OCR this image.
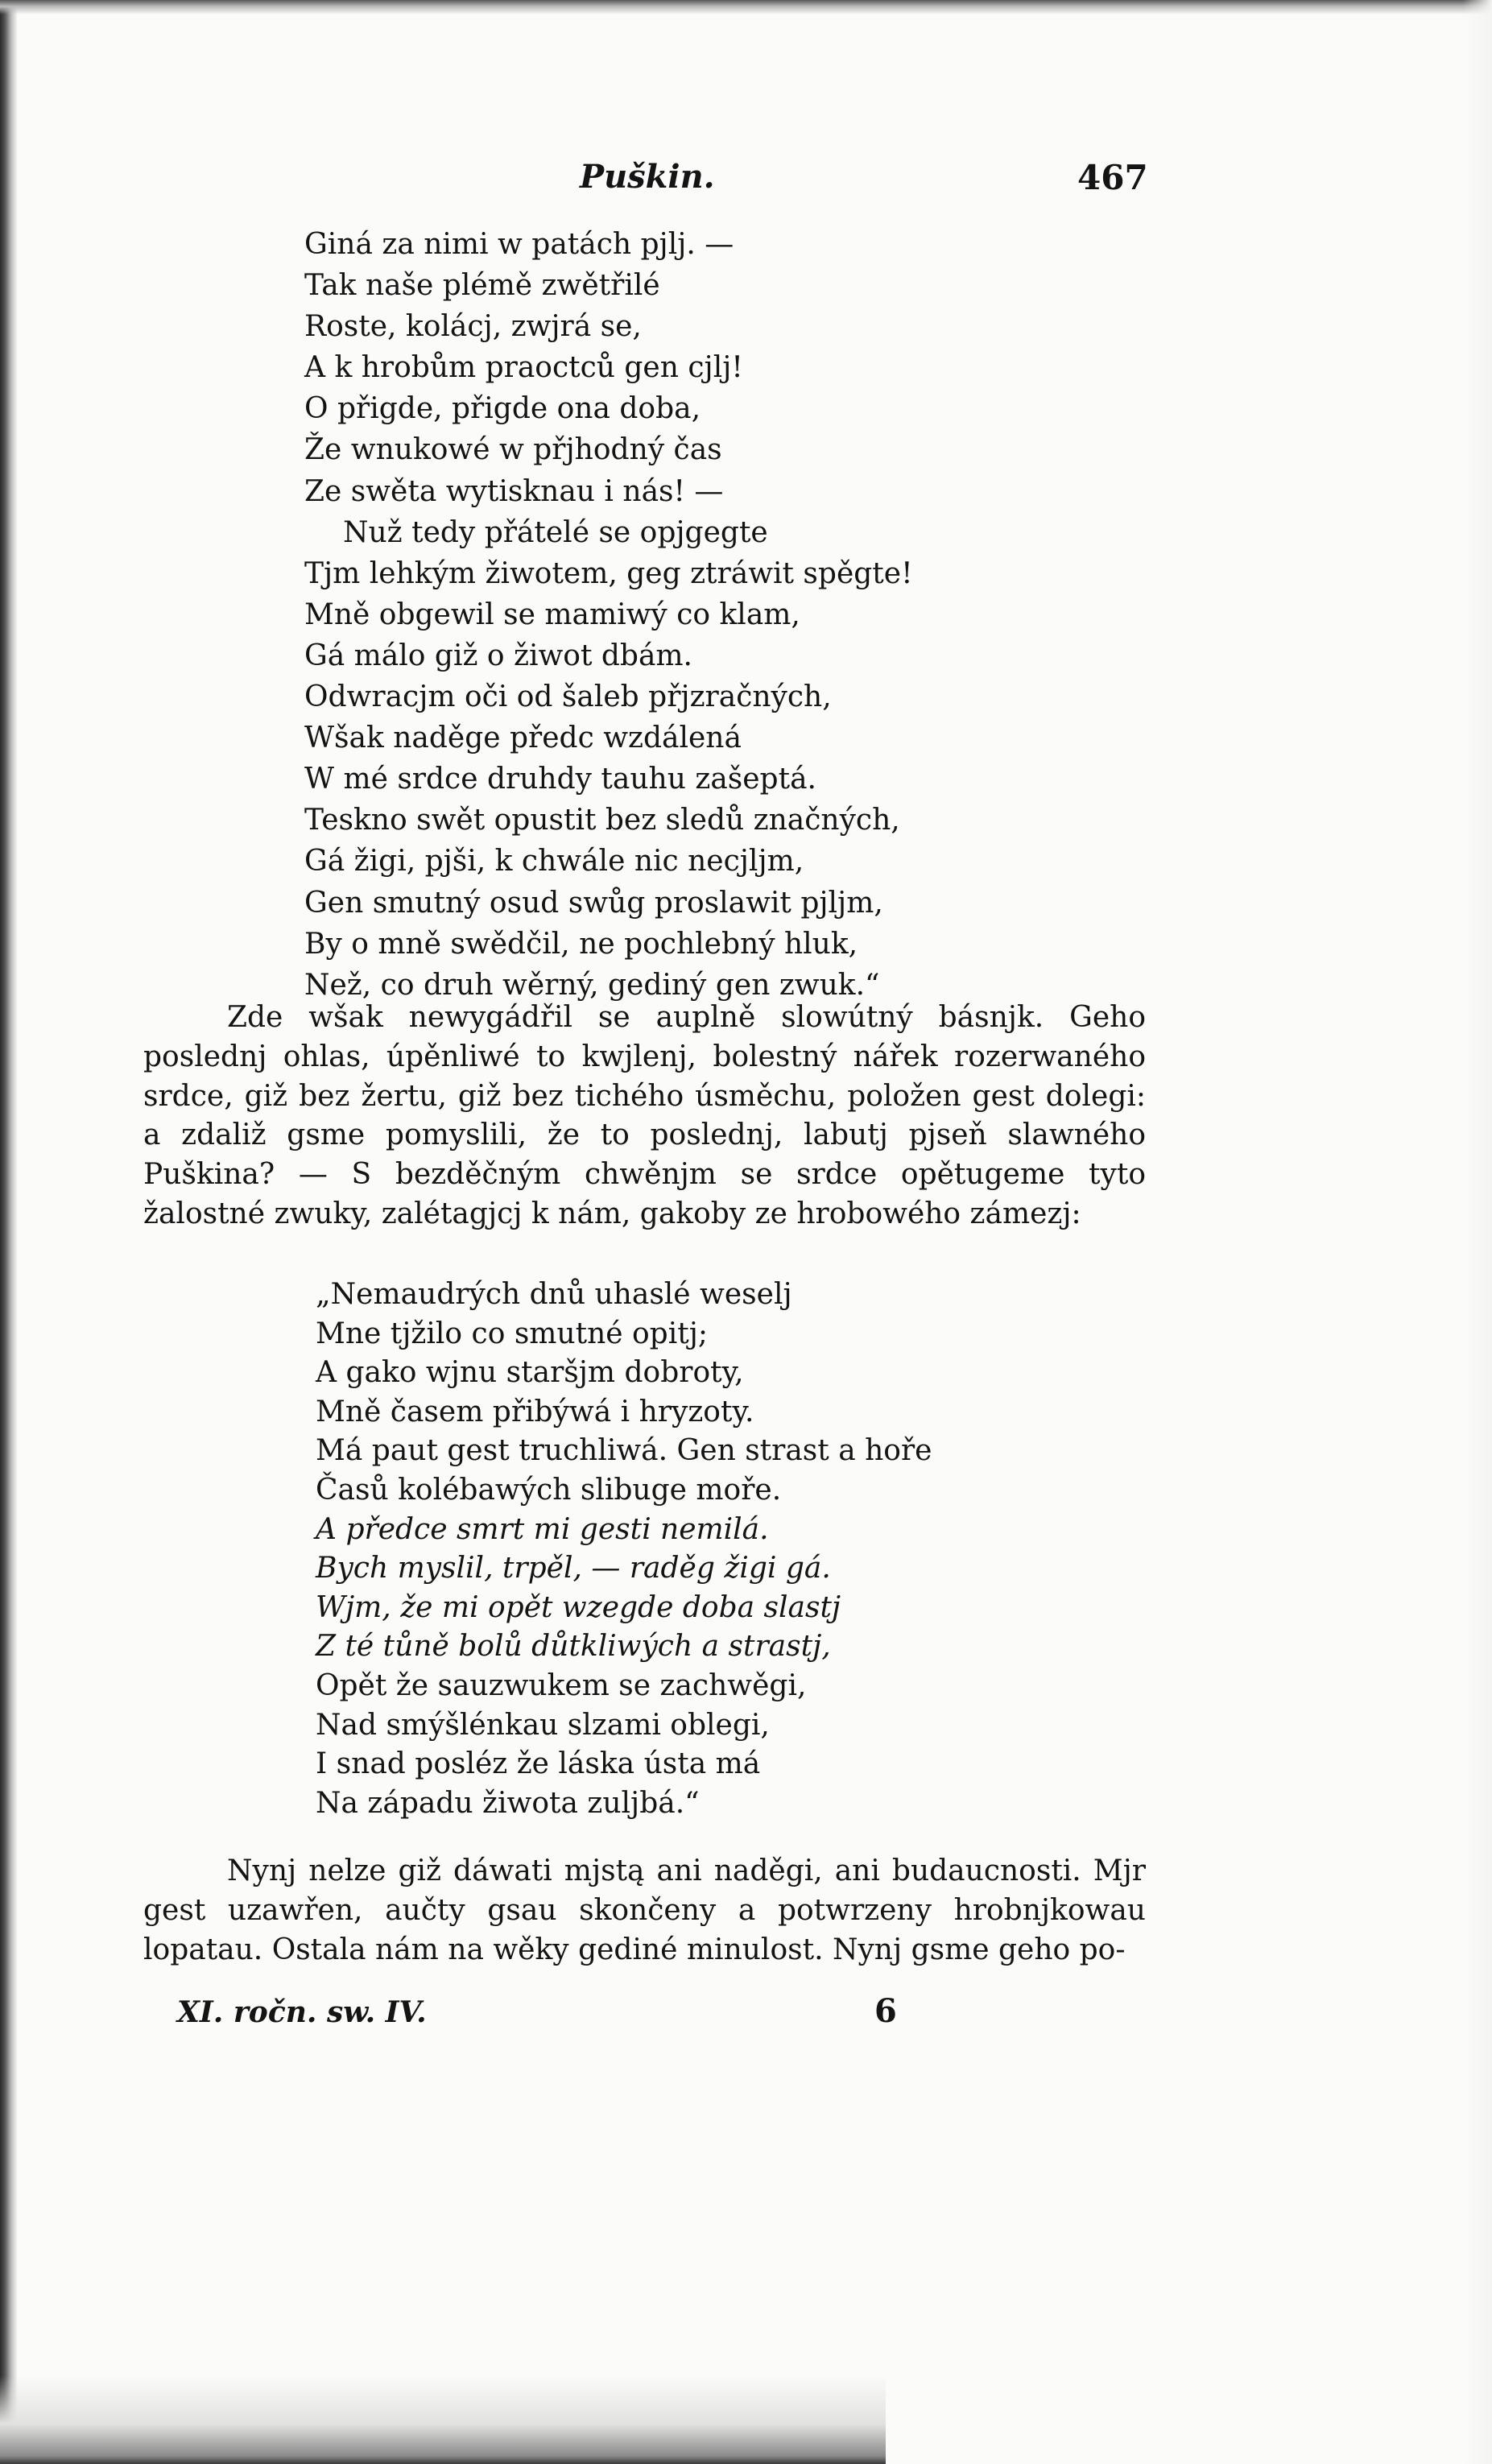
Puškin.	467
Giná za nimi w patách pjlj. —
Tak naše plémě zwětřilé
Roste, kolácj, zwjrá se,
A k hrobům praoctců gen cjlj!
O přigde, přigde ona doba,
Že wnukowé w přjhodný čas
Ze swěta wytisknau i nás! —
Nuž tedy přátelé se opjgegte
Tjm lehkým žiwotem, geg ztráwit spěgte!
Mně obgewil se mamiwý co klam,
Gá málo giž o žiwot dbám.
Odwracjm oči od šaleb přjzračných,
Wšak naděge předc wzdálená
W mé srdce druhdy tauhu zašeptá.
Teskno swět opustit bez sledů značných,
Gá žigi, pjši, k chwále nic necjljm,
Gen smutný osud swůg proslawit pjljm,
By o mně swědčil, ne pochlebný hluk,
Než, co druh wěrný, gediný gen zwuk.“

Zde wšak newygádřil se auplně slowútný básnjk. Geho poslednj ohlas, úpěnliwé to kwjlenj, bolestný nářek rozerwaného srdce, giž bez žertu, giž bez tichého úsměchu, položen gest dolegi: a zdaliž gsme pomyslili, že to poslednj, labutj pjseň slawného Puškina? — S bezděčným chwěnjm se srdce opětugeme tyto žalostné zwuky, zalétagjcj k nám, gakoby ze hrobowého zámezj:

„Nemaudrých dnů uhaslé weselj
Mne tjžilo co smutné opitj;
A gako wjnu staršjm dobroty,
Mně časem přibýwá i hryzoty.
Má paut gest truchliwá. Gen strast a hoře
Časů kolébawých slibuge moře.
A předce smrt mi gesti nemilá.
Bych myslil, trpěl, — raděg žigi gá.
Wjm, že mi opět wzegde doba slastj
Z té tůně bolů důtkliwých a strastj,
Opět že sauzwukem se zachwěgi,
Nad smýšlénkau slzami oblegi,
I snad posléz že láska ústa má
Na západu žiwota zuljbá.“

Nynj nelze giž dáwati mjstą ani naděgi, ani budaucnosti. Mjr gest uzawřen, aučty gsau skončeny a potwrzeny hrobnjkowau lopatau. Ostala nám na wěky gediné minulost. Nynj gsme geho po-

XI. ročn. sw. IV.	6
